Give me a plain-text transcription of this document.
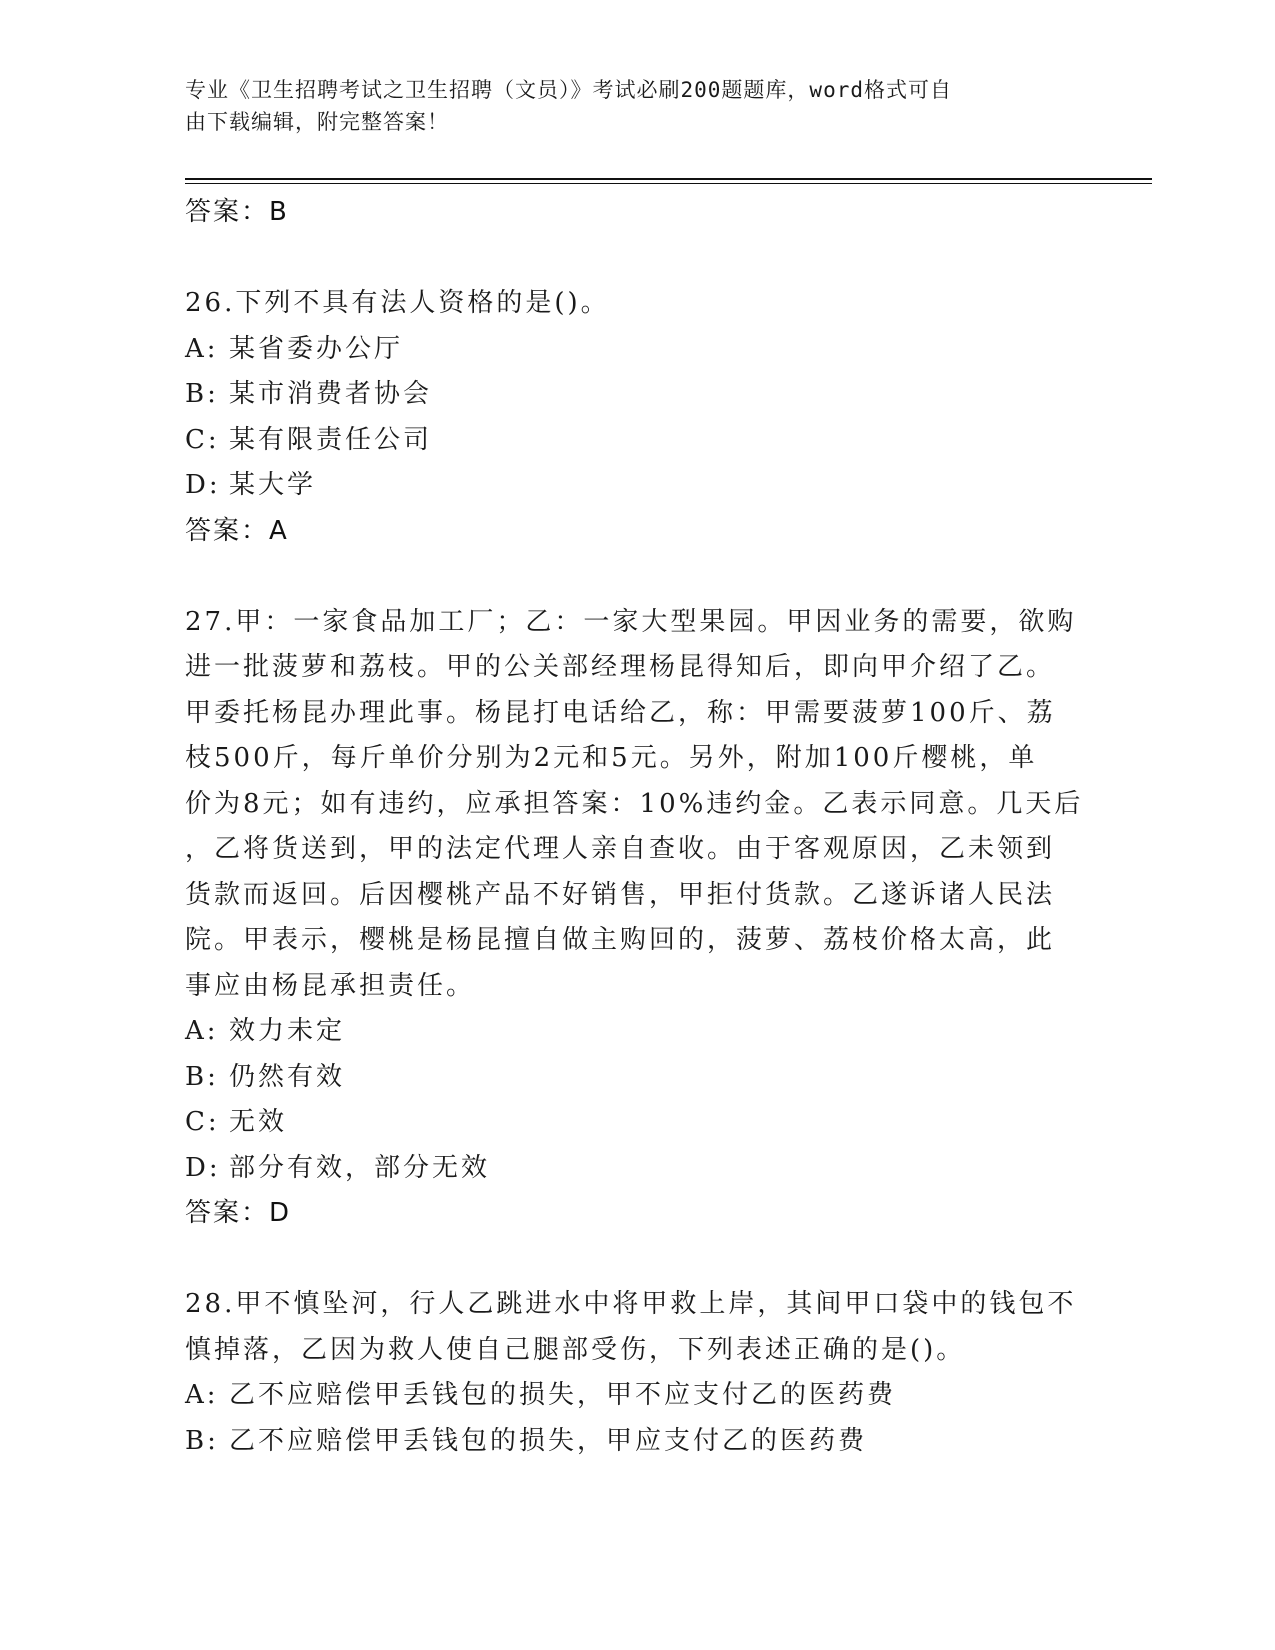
专业《卫生招聘考试之卫生招聘（文员）》考试必刷200题题库，word格式可自
由下载编辑，附完整答案！
答案：B
26.下列不具有法人资格的是()。
A: 某省委办公厅
B: 某市消费者协会
C: 某有限责任公司
D: 某大学
答案：A
27.甲：一家食品加工厂；乙：一家大型果园。甲因业务的需要，欲购
进一批菠萝和荔枝。甲的公关部经理杨昆得知后，即向甲介绍了乙。
甲委托杨昆办理此事。杨昆打电话给乙，称：甲需要菠萝100斤、荔
枝500斤，每斤单价分别为2元和5元。另外，附加100斤樱桃，单
价为8元；如有违约，应承担答案：10%违约金。乙表示同意。几天后
，乙将货送到，甲的法定代理人亲自查收。由于客观原因，乙未领到
货款而返回。后因樱桃产品不好销售，甲拒付货款。乙遂诉诸人民法
院。甲表示，樱桃是杨昆擅自做主购回的，菠萝、荔枝价格太高，此
事应由杨昆承担责任。
A: 效力未定
B: 仍然有效
C: 无效
D: 部分有效，部分无效
答案：D
28.甲不慎坠河，行人乙跳进水中将甲救上岸，其间甲口袋中的钱包不
慎掉落，乙因为救人使自己腿部受伤，下列表述正确的是()。
A: 乙不应赔偿甲丢钱包的损失，甲不应支付乙的医药费
B: 乙不应赔偿甲丢钱包的损失，甲应支付乙的医药费
